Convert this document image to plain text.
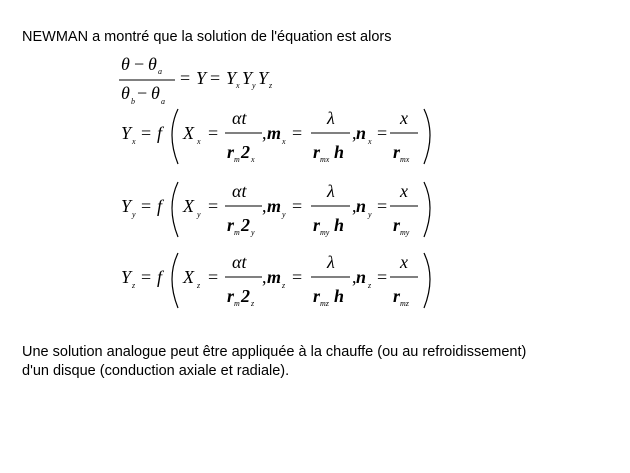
NEWMAN a montré que la solution de l'équation est alors

θ − θ a
θ b − θ a
= Y = Y x Y y Y z
Y x = f X x =
αt
r m 2 x
, m x =
λ
r mx h
, n x =
x
r mx
Y y = f X y =
αt
r m 2 y
, m y =
λ
r my h
, n y =
x
r my
Y z = f X z =
αt
r m 2 z
, m z =
λ
r mz h
, n z =
x
r mz

Une solution analogue peut être appliquée à la chauffe (ou au refroidissement)

d'un disque (conduction axiale et radiale).
